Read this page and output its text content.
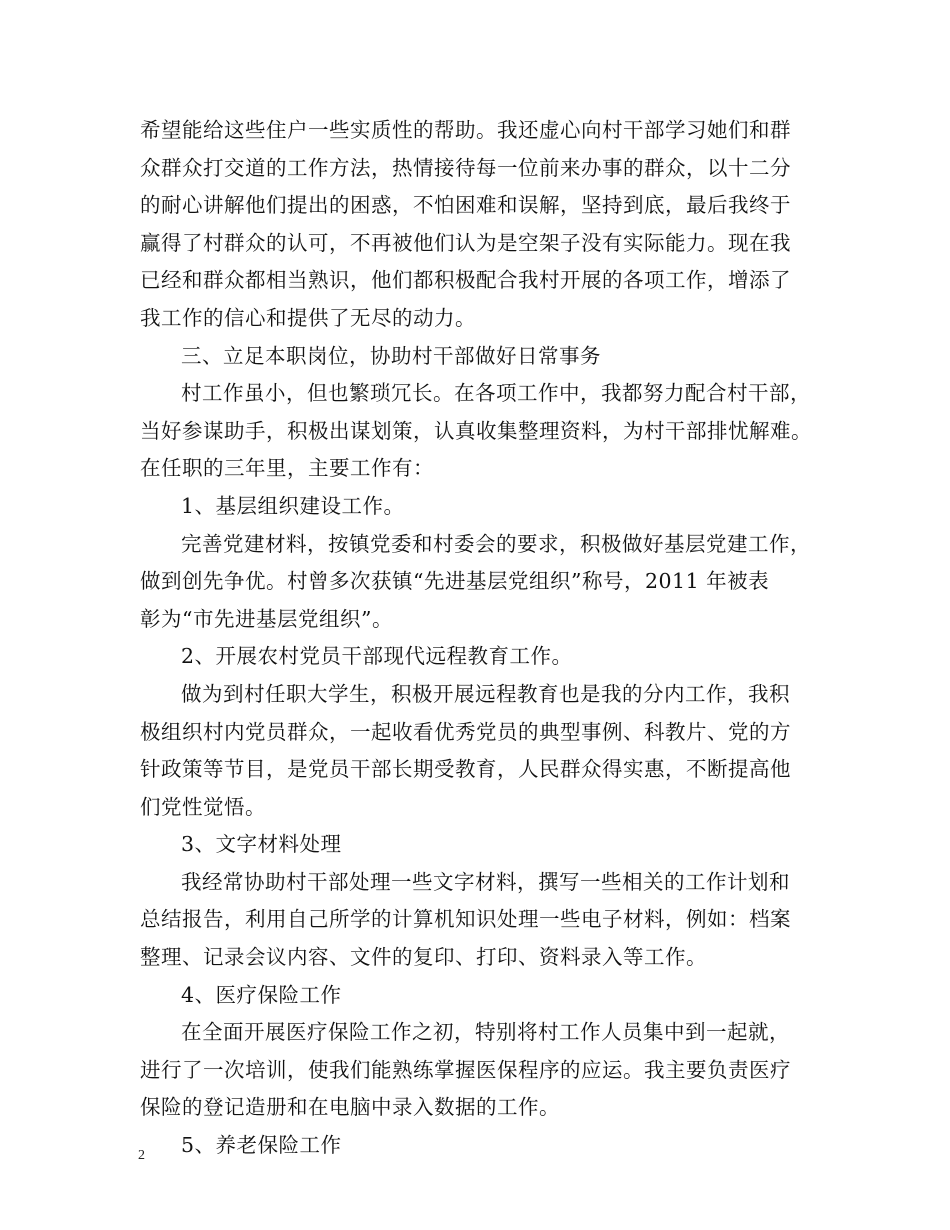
希望能给这些住户一些实质性的帮助。我还虚心向村干部学习她们和群
众群众打交道的工作方法，热情接待每一位前来办事的群众，以十二分
的耐心讲解他们提出的困惑，不怕困难和误解，坚持到底，最后我终于
赢得了村群众的认可，不再被他们认为是空架子没有实际能力。现在我
已经和群众都相当熟识，他们都积极配合我村开展的各项工作，增添了
我工作的信心和提供了无尽的动力。
三、立足本职岗位，协助村干部做好日常事务
村工作虽小，但也繁琐冗长。在各项工作中，我都努力配合村干部，
当好参谋助手，积极出谋划策，认真收集整理资料，为村干部排忧解难。
在任职的三年里，主要工作有：
1、基层组织建设工作。
完善党建材料，按镇党委和村委会的要求，积极做好基层党建工作，
做到创先争优。村曾多次获镇“先进基层党组织”称号，2011 年被表
彰为“市先进基层党组织”。
2、开展农村党员干部现代远程教育工作。
做为到村任职大学生，积极开展远程教育也是我的分内工作，我积
极组织村内党员群众，一起收看优秀党员的典型事例、科教片、党的方
针政策等节目，是党员干部长期受教育，人民群众得实惠，不断提高他
们党性觉悟。
3、文字材料处理
我经常协助村干部处理一些文字材料，撰写一些相关的工作计划和
总结报告，利用自己所学的计算机知识处理一些电子材料，例如：档案
整理、记录会议内容、文件的复印、打印、资料录入等工作。
4、医疗保险工作
在全面开展医疗保险工作之初，特别将村工作人员集中到一起就，
进行了一次培训，使我们能熟练掌握医保程序的应运。我主要负责医疗
保险的登记造册和在电脑中录入数据的工作。
5、养老保险工作
2
